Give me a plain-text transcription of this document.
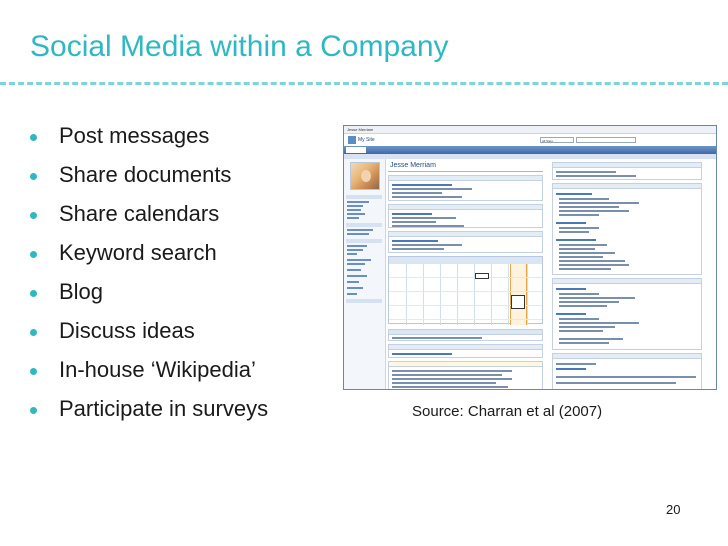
Social Media within a Company
Post messages
Share documents
Share calendars
Keyword search
Blog
Discuss ideas
In-house ‘Wikipedia’
Participate in surveys
Jesse Merriam
My Site	All Sites
Jesse Merriam
Source: Charran et al (2007)
20
